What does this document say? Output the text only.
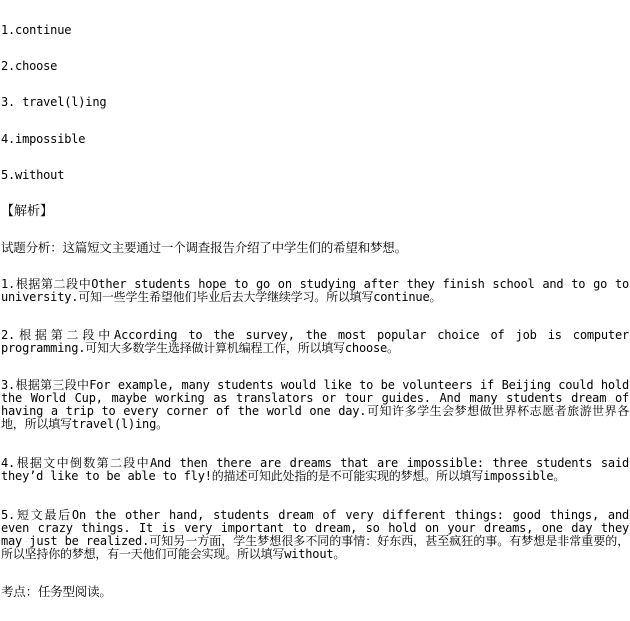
1.continue
2.choose
3. travel(l)ing
4.impossible
5.without
【解析】
试题分析：这篇短文主要通过一个调查报告介绍了中学生们的希望和梦想。
1.根据第二段中Other students hope to go on studying after they finish school and to go to university.可知一些学生希望他们毕业后去大学继续学习。所以填写continue。
2.根据第二段中According to the survey, the most popular choice of job is computer programming.可知大多数学生选择做计算机编程工作，所以填写choose。
3.根据第三段中For example, many students would like to be volunteers if Beijing could hold the World Cup, maybe working as translators or tour guides. And many students dream of having a trip to every corner of the world one day.可知许多学生会梦想做世界杯志愿者旅游世界各地，所以填写travel(l)ing。
4.根据文中倒数第二段中And then there are dreams that are impossible: three students said they’d like to be able to fly!的描述可知此处指的是不可能实现的梦想。所以填写impossible。
5.短文最后On the other hand, students dream of very different things: good things, and even crazy things. It is very important to dream, so hold on your dreams, one day they may just be realized.可知另一方面，学生梦想很多不同的事情：好东西，甚至疯狂的事。有梦想是非常重要的，所以坚持你的梦想，有一天他们可能会实现。所以填写without。
考点：任务型阅读。
